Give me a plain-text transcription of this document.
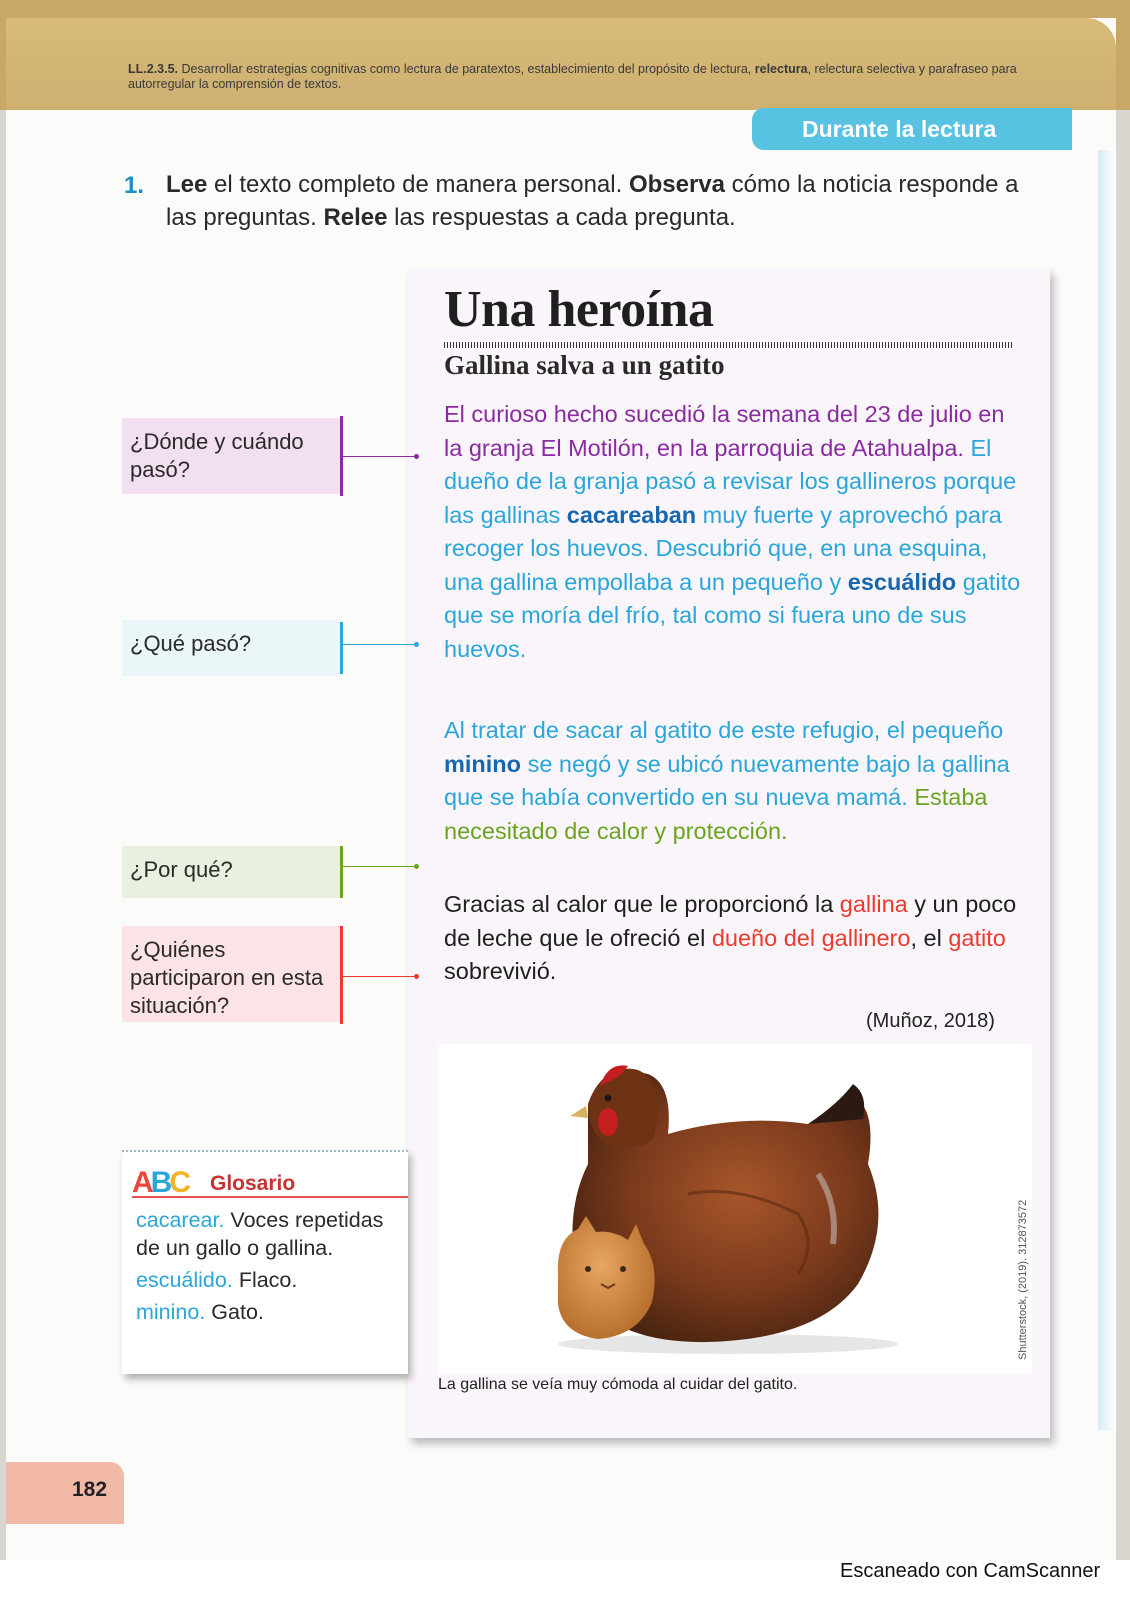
LL.2.3.5. Desarrollar estrategias cognitivas como lectura de paratextos, establecimiento del propósito de lectura, relectura, relectura selectiva y parafraseo para autorregular la comprensión de textos.
Durante la lectura
1. Lee el texto completo de manera personal. Observa cómo la noticia responde a las preguntas. Relee las respuestas a cada pregunta.
Una heroína
Gallina salva a un gatito
El curioso hecho sucedió la semana del 23 de julio en la granja El Motilón, en la parroquia de Atahualpa. El dueño de la granja pasó a revisar los gallineros porque las gallinas cacareaban muy fuerte y aprovechó para recoger los huevos. Descubrió que, en una esquina, una gallina empollaba a un pequeño y escuálido gatito que se moría del frío, tal como si fuera uno de sus huevos.
Al tratar de sacar al gatito de este refugio, el pequeño minino se negó y se ubicó nuevamente bajo la gallina que se había convertido en su nueva mamá. Estaba necesitado de calor y protección.
Gracias al calor que le proporcionó la gallina y un poco de leche que le ofreció el dueño del gallinero, el gatito sobrevivió.
(Muñoz, 2018)
Shutterstock, (2019). 312873572
La gallina se veía muy cómoda al cuidar del gatito.
¿Dónde y cuándo pasó?
¿Qué pasó?
¿Por qué?
¿Quiénes participaron en esta situación?
ABC Glosario
cacarear. Voces repetidas de un gallo o gallina.
escuálido. Flaco.
minino. Gato.
182
Escaneado con CamScanner
